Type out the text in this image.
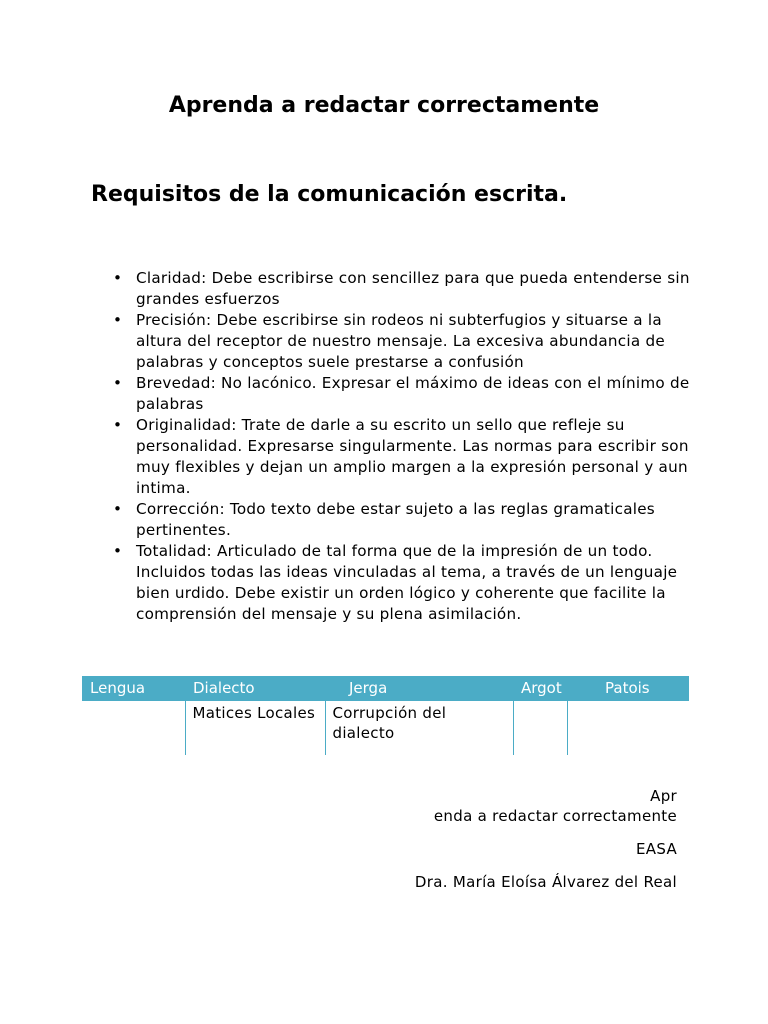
Aprenda a redactar correctamente
Requisitos de la comunicación escrita.
• Claridad: Debe escribirse con sencillez para que pueda entenderse sin grandes esfuerzos
• Precisión: Debe escribirse sin rodeos ni subterfugios y situarse a la altura del receptor de nuestro mensaje. La excesiva abundancia de palabras y conceptos suele prestarse a confusión
• Brevedad: No lacónico. Expresar el máximo de ideas con el mínimo de palabras
• Originalidad: Trate de darle a su escrito un sello que refleje su personalidad. Expresarse singularmente. Las normas para escribir son muy flexibles y dejan un amplio margen a la expresión personal y aun intima.
• Corrección: Todo texto debe estar sujeto a las reglas gramaticales pertinentes.
• Totalidad: Articulado de tal forma que de la impresión de un todo. Incluidos todas las ideas vinculadas al tema, a través de un lenguaje bien urdido. Debe existir un orden lógico y coherente que facilite la comprensión del mensaje y su plena asimilación.
Lengua	Dialecto	Jerga	Argot	Patois
	Matices Locales	Corrupción del dialecto		

Apr

enda a redactar correctamente

EASA

Dra. María Eloísa Álvarez del Real
